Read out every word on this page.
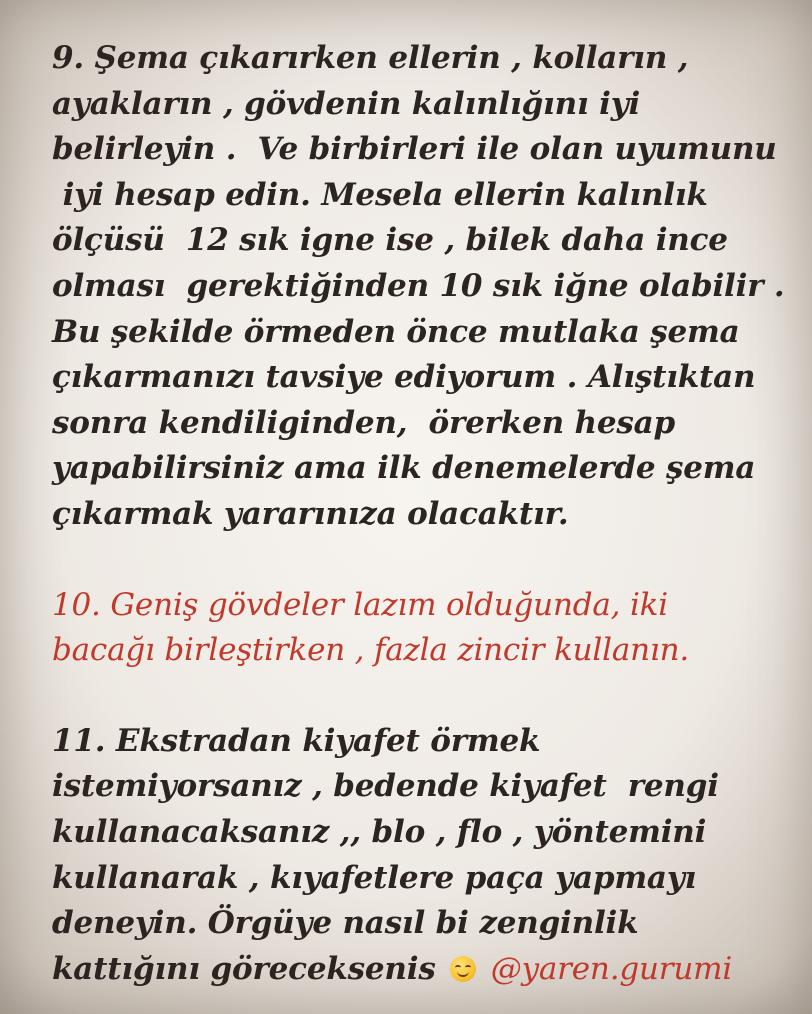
9. Şema çıkarırken ellerin , kolların ,
ayakların , gövdenin kalınlığını iyi
belirleyin .  Ve birbirleri ile olan uyumunu
iyi hesap edin. Mesela ellerin kalınlık
ölçüsü  12 sık igne ise , bilek daha ince
olması  gerektiğinden 10 sık iğne olabilir .
Bu şekilde örmeden önce mutlaka şema
çıkarmanızı tavsiye ediyorum . Alıştıktan
sonra kendiliginden,  örerken hesap
yapabilirsiniz ama ilk denemelerde şema
çıkarmak yararınıza olacaktır.

10. Geniş gövdeler lazım olduğunda, iki
bacağı birleştirken , fazla zincir kullanın.

11. Ekstradan kiyafet örmek
istemiyorsanız , bedende kiyafet  rengi
kullanacaksanız ,, blo , flo , yöntemini
kullanarak , kıyafetlere paça yapmayı
deneyin. Örgüye nasıl bi zenginlik
kattığını göreceksenis @yaren.gurumi
